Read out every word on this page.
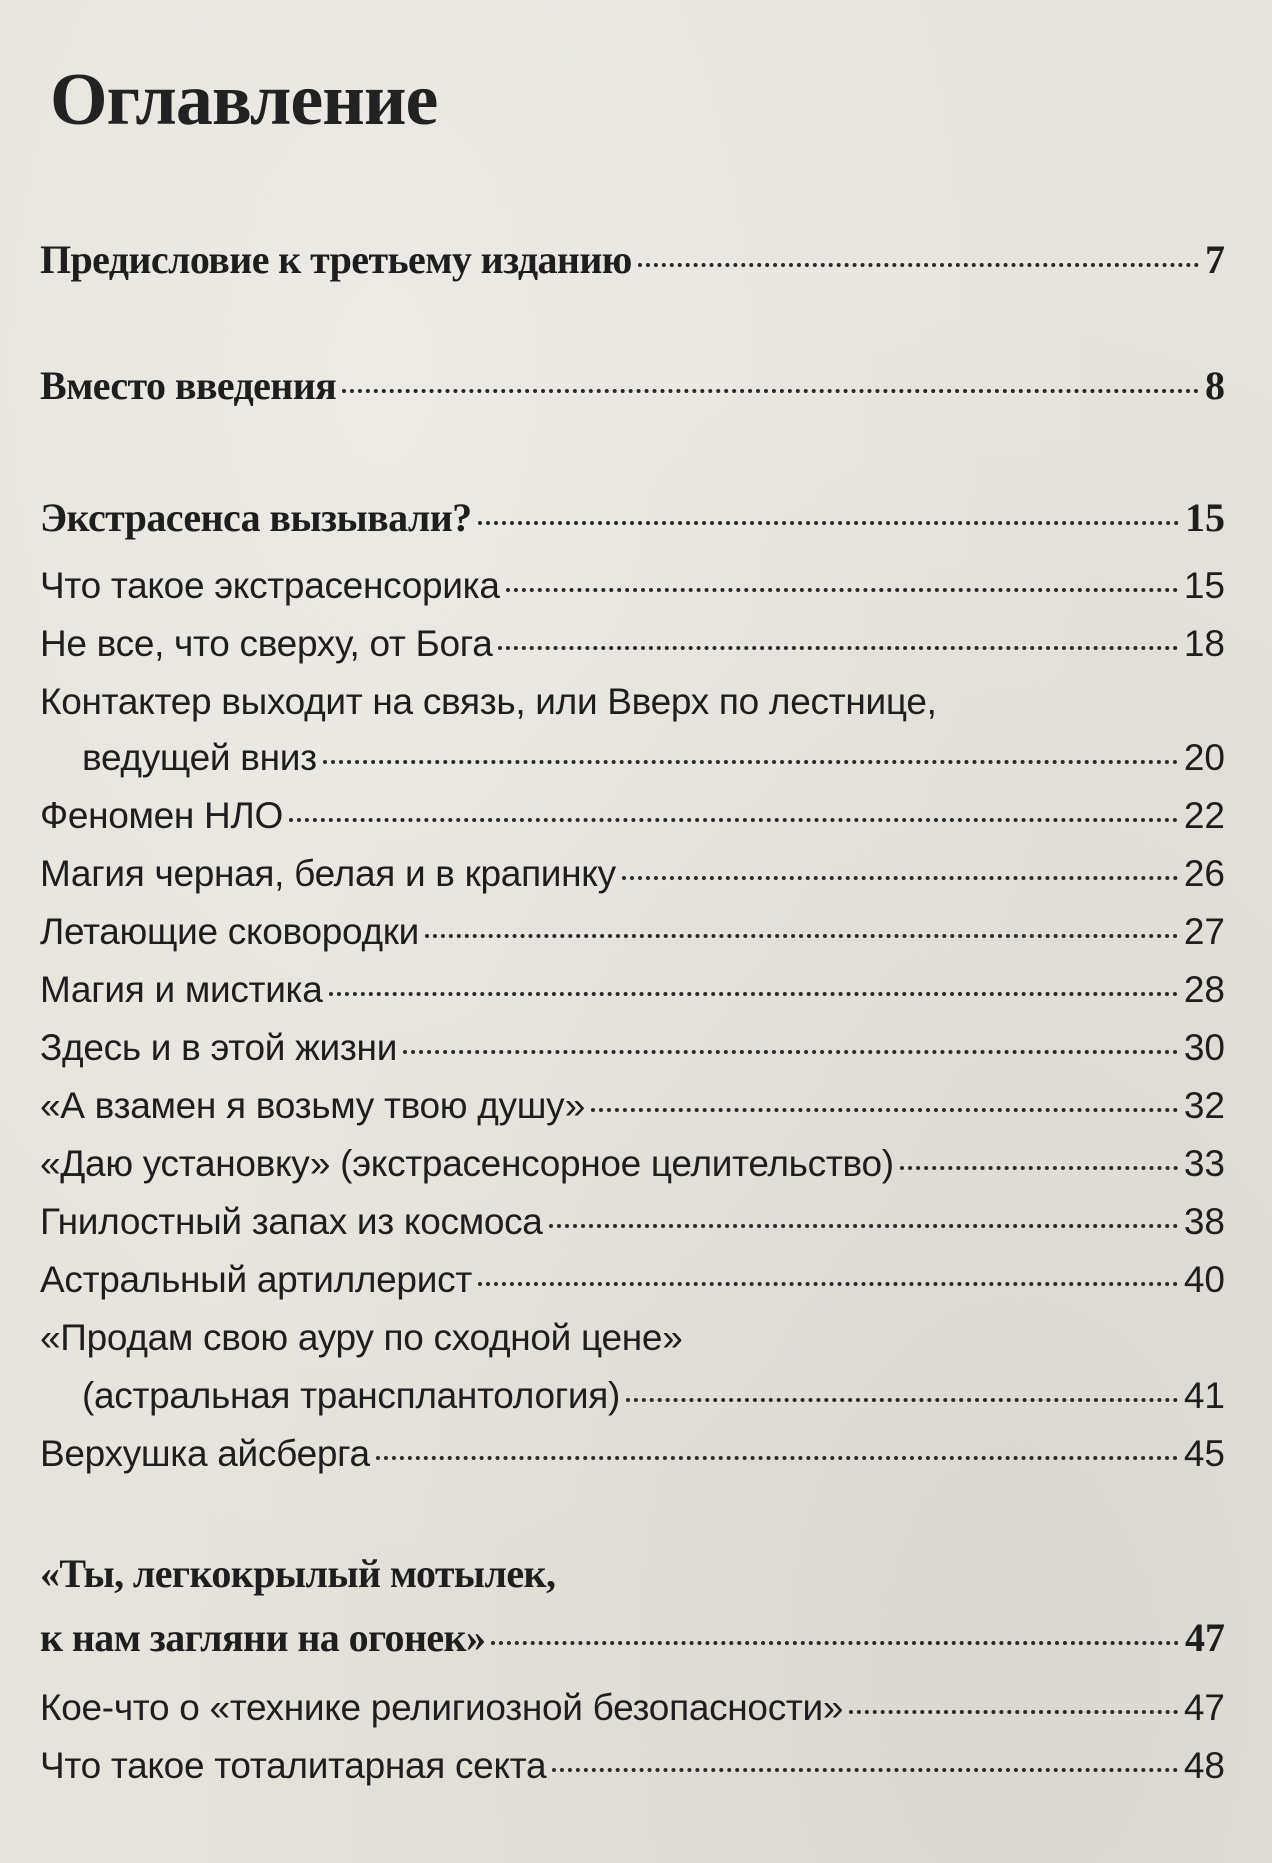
Оглавление
Предисловие к третьему изданию	7
Вместо введения	8
Экстрасенса вызывали?	15
Что такое экстрасенсорика	15
Не все, что сверху, от Бога	18
Контактер выходит на связь, или Вверх по лестнице,
ведущей вниз	20
Феномен НЛО	22
Магия черная, белая и в крапинку	26
Летающие сковородки	27
Магия и мистика	28
Здесь и в этой жизни	30
«А взамен я возьму твою душу»	32
«Даю установку» (экстрасенсорное целительство)	33
Гнилостный запах из космоса	38
Астральный артиллерист	40
«Продам свою ауру по сходной цене»
(астральная трансплантология)	41
Верхушка айсберга	45
«Ты, легкокрылый мотылек,
к нам загляни на огонек»	47
Кое-что о «технике религиозной безопасности»	47
Что такое тоталитарная секта	48
